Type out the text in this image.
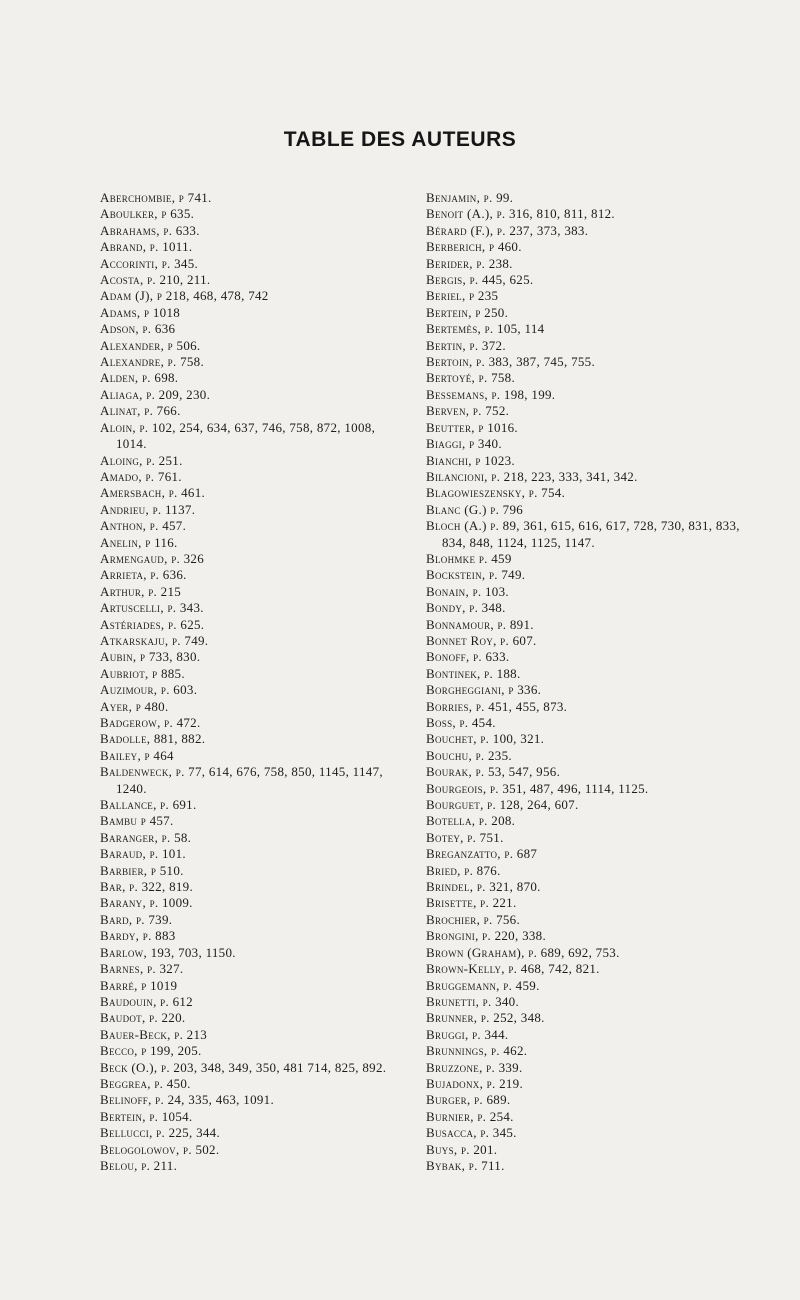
TABLE DES AUTEURS
Aberchombie, p 741.
Aboulker, p 635.
Abrahams, p. 633.
Abrand, p. 1011.
Accorinti, p. 345.
Acosta, p. 210, 211.
Adam (J), p 218, 468, 478, 742
Adams, p 1018
Adson, p. 636
Alexander, p 506.
Alexandre, p. 758.
Alden, p. 698.
Aliaga, p. 209, 230.
Alinat, p. 766.
Aloin, p. 102, 254, 634, 637, 746, 758, 872, 1008, 1014.
Aloing, p. 251.
Amado, p. 761.
Amersbach, p. 461.
Andrieu, p. 1137.
Anthon, p. 457.
Anelin, p 116.
Armengaud, p. 326
Arrieta, p. 636.
Arthur, p. 215
Artuscelli, p. 343.
Astériades, p. 625.
Atkarskaju, p. 749.
Aubin, p 733, 830.
Aubriot, p 885.
Auzimour, p. 603.
Ayer, p 480.
Badgerow, p. 472.
Badolle, 881, 882.
Bailey, p 464
Baldenweck, p. 77, 614, 676, 758, 850, 1145, 1147, 1240.
Ballance, p. 691.
Bambu p 457.
Baranger, p. 58.
Baraud, p. 101.
Barbier, p 510.
Bar, p. 322, 819.
Barany, p. 1009.
Bard, p. 739.
Bardy, p. 883
Barlow, 193, 703, 1150.
Barnes, p. 327.
Barré, p 1019
Baudouin, p. 612
Baudot, p. 220.
Bauer-Beck, p. 213
Becco, p 199, 205.
Beck (O.), p. 203, 348, 349, 350, 481 714, 825, 892.
Beggrea, p. 450.
Belinoff, p. 24, 335, 463, 1091.
Bertein, p. 1054.
Bellucci, p. 225, 344.
Belogolowov, p. 502.
Belou, p. 211.
Benjamin, p. 99.
Benoit (A.), p. 316, 810, 811, 812.
Bérard (F.), p. 237, 373, 383.
Berberich, p 460.
Berider, p. 238.
Bergis, p. 445, 625.
Beriel, p 235
Bertein, p 250.
Bertemès, p. 105, 114
Bertin, p. 372.
Bertoin, p. 383, 387, 745, 755.
Bertoyé, p. 758.
Bessemans, p. 198, 199.
Berven, p. 752.
Beutter, p 1016.
Biaggi, p 340.
Bianchi, p 1023.
Bilancioni, p. 218, 223, 333, 341, 342.
Blagowieszensky, p. 754.
Blanc (G.) p. 796
Bloch (A.) p. 89, 361, 615, 616, 617, 728, 730, 831, 833, 834, 848, 1124, 1125, 1147.
Blohmke p. 459
Bockstein, p. 749.
Bonain, p. 103.
Bondy, p. 348.
Bonnamour, p. 891.
Bonnet Roy, p. 607.
Bonoff, p. 633.
Bontinek, p. 188.
Borgheggiani, p 336.
Borries, p. 451, 455, 873.
Boss, p. 454.
Bouchet, p. 100, 321.
Bouchu, p. 235.
Bourak, p. 53, 547, 956.
Bourgeois, p. 351, 487, 496, 1114, 1125.
Bourguet, p. 128, 264, 607.
Botella, p. 208.
Botey, p. 751.
Breganzatto, p. 687
Bried, p. 876.
Brindel, p. 321, 870.
Brisette, p. 221.
Brochier, p. 756.
Brongini, p. 220, 338.
Brown (Graham), p. 689, 692, 753.
Brown-Kelly, p. 468, 742, 821.
Bruggemann, p. 459.
Brunetti, p. 340.
Brunner, p. 252, 348.
Bruggi, p. 344.
Brunnings, p. 462.
Bruzzone, p. 339.
Bujadonx, p. 219.
Burger, p. 689.
Burnier, p. 254.
Busacca, p. 345.
Buys, p. 201.
Bybak, p. 711.
